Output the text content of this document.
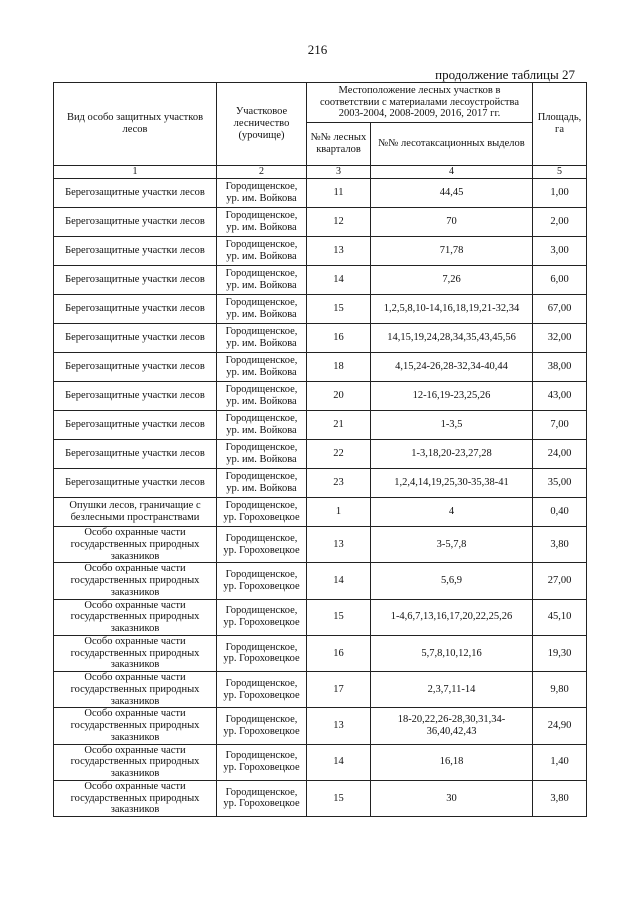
216
продолжение таблицы 27
Вид особо защитных участков лесов	Участковое лесничество (урочище)	Местоположение лесных участков в соответствии с материалами лесоустройства 2003-2004, 2008-2009, 2016, 2017 гг.		Площадь, га
		№№ лесных кварталов	№№ лесотаксационных выделов	
1	2	3	4	5
Берегозащитные участки лесов	Городищенское, ур. им. Войкова	11	44,45	1,00
Берегозащитные участки лесов	Городищенское, ур. им. Войкова	12	70	2,00
Берегозащитные участки лесов	Городищенское, ур. им. Войкова	13	71,78	3,00
Берегозащитные участки лесов	Городищенское, ур. им. Войкова	14	7,26	6,00
Берегозащитные участки лесов	Городищенское, ур. им. Войкова	15	1,2,5,8,10-14,16,18,19,21-32,34	67,00
Берегозащитные участки лесов	Городищенское, ур. им. Войкова	16	14,15,19,24,28,34,35,43,45,56	32,00
Берегозащитные участки лесов	Городищенское, ур. им. Войкова	18	4,15,24-26,28-32,34-40,44	38,00
Берегозащитные участки лесов	Городищенское, ур. им. Войкова	20	12-16,19-23,25,26	43,00
Берегозащитные участки лесов	Городищенское, ур. им. Войкова	21	1-3,5	7,00
Берегозащитные участки лесов	Городищенское, ур. им. Войкова	22	1-3,18,20-23,27,28	24,00
Берегозащитные участки лесов	Городищенское, ур. им. Войкова	23	1,2,4,14,19,25,30-35,38-41	35,00
Опушки лесов, граничащие с безлесными пространствами	Городищенское, ур. Гороховецкое	1	4	0,40
Особо охранные части государственных природных заказников	Городищенское, ур. Гороховецкое	13	3-5,7,8	3,80
Особо охранные части государственных природных заказников	Городищенское, ур. Гороховецкое	14	5,6,9	27,00
Особо охранные части государственных природных заказников	Городищенское, ур. Гороховецкое	15	1-4,6,7,13,16,17,20,22,25,26	45,10
Особо охранные части государственных природных заказников	Городищенское, ур. Гороховецкое	16	5,7,8,10,12,16	19,30
Особо охранные части государственных природных заказников	Городищенское, ур. Гороховецкое	17	2,3,7,11-14	9,80
Особо охранные части государственных природных заказников	Городищенское, ур. Гороховецкое	13	18-20,22,26-28,30,31,34-36,40,42,43	24,90
Особо охранные части государственных природных заказников	Городищенское, ур. Гороховецкое	14	16,18	1,40
Особо охранные части государственных природных заказников	Городищенское, ур. Гороховецкое	15	30	3,80
